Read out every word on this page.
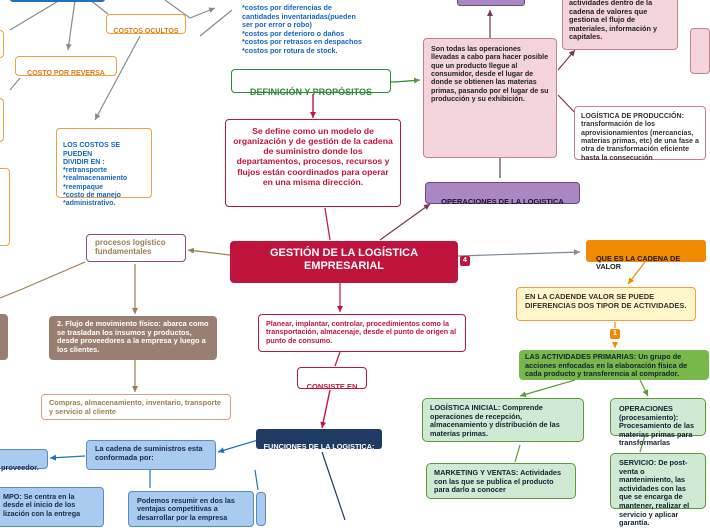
COSTOS OCULTOS

*costos por diferencias de
cantidades inventariadas(pueden
ser por error o robo)
*costos por deterioro o daños
*costos por retrasos en despachos
*costos por rotura de stock.

COSTO POR REVERSA

LOS COSTOS SE PUEDEN
DIVIDIR EN :
*retransporte
*realmacenamiento
*reempaque
*costo de manejo
*administrativo.

DEFINICIÓN Y PROPÓSITOS

Se define como un modelo de organización y de gestión de la cadena de suministro donde los departamentos, procesos, recursos y flujos están coordinados para operar en una misma dirección.
Son todas las operaciones llevadas a cabo para hacer posible que un producto llegue al consumidor, desde el lugar de donde se obtienen las materias primas, pasando por el lugar de su producción y su exhibición.
actividades dentro de la cadena de valores que gestiona el flujo de materiales, información y capitales.
LOGÍSTICA DE PRODUCCIÓN: transformación de los aprovisionamientos (mercancías, materias primas, etc) de una fase a otra de transformación eficiente hasta la consecución

OPERACIONES DE LA LOGISTICA

GESTIÓN DE LA LOGÍSTICA EMPRESARIAL	4
procesos logístico fundamentales
2. Flujo de movimiento físico: abarca como se trasladan los insumos y productos, desde proveedores a la empresa y luego a los clientes.
Compras, almacenamiento, inventario, transporte y servicio al cliente
Planear, implantar, controlar, procedimientos como la transportación, almacenaje, desde el punto de origen al punto de consumo.

CONSISTE EN

FUNCIONES DE LA LOGISTICA:

La cadena de suministros esta conformada por:

proveedor.

MPO: Se centra en la desde el inicio de los lización con la entrega
Podemos resumir en dos las ventajas competitivas a desarrollar por la empresa

QUE ES LA CADENA DE VALOR

EN LA CADENDE VALOR SE PUEDE DIFERENCIAS DOS TIPOR DE ACTIVIDADES.
1
LAS ACTIVIDADES PRIMARIAS: Un grupo de acciones enfocadas en la elaboración física de cada producto y transferencia al comprador.
LOGÍSTICA INICIAL: Comprende operaciones de recepción, almacenamiento y distribución de las materias primas.
OPERACIONES (procesamiento): Procesamiento de las materias primas para transformarlas
MARKETING Y VENTAS: Actividades con las que se publica el producto para darlo a conocer
SERVICIO: De post-venta o mantenimiento, las actividades con las que se encarga de mantener, realizar el servicio y aplicar garantía.
